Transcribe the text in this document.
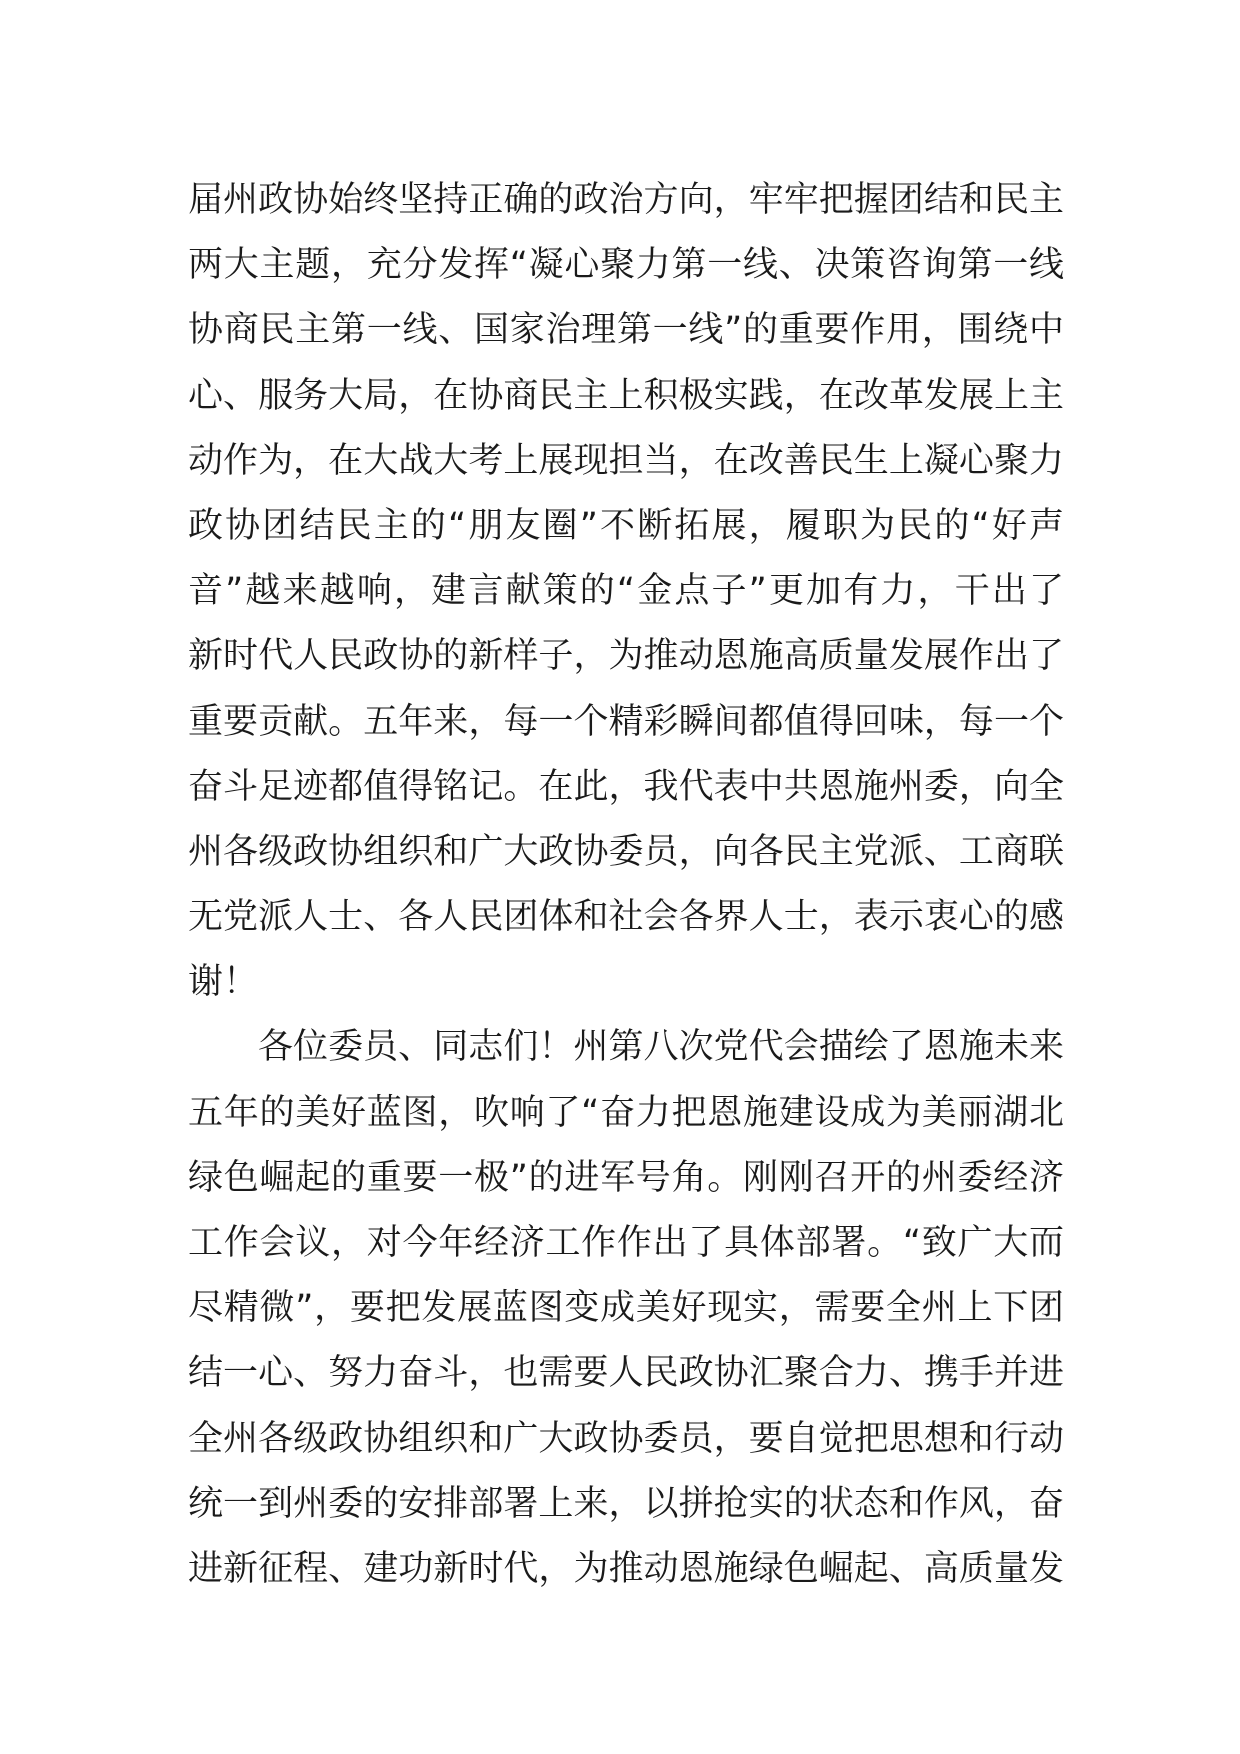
届州政协始终坚持正确的政治方向，牢牢把握团结和民主
两大主题，充分发挥“凝心聚力第一线、决策咨询第一线
协商民主第一线、国家治理第一线”的重要作用，围绕中
心、服务大局，在协商民主上积极实践，在改革发展上主
动作为，在大战大考上展现担当，在改善民生上凝心聚力
政协团结民主的“朋友圈”不断拓展，履职为民的“好声
音”越来越响，建言献策的“金点子”更加有力，干出了
新时代人民政协的新样子，为推动恩施高质量发展作出了
重要贡献。五年来，每一个精彩瞬间都值得回味，每一个
奋斗足迹都值得铭记。在此，我代表中共恩施州委，向全
州各级政协组织和广大政协委员，向各民主党派、工商联
无党派人士、各人民团体和社会各界人士，表示衷心的感
谢！
各位委员、同志们！州第八次党代会描绘了恩施未来
五年的美好蓝图，吹响了“奋力把恩施建设成为美丽湖北
绿色崛起的重要一极”的进军号角。刚刚召开的州委经济
工作会议，对今年经济工作作出了具体部署。“致广大而
尽精微”，要把发展蓝图变成美好现实，需要全州上下团
结一心、努力奋斗，也需要人民政协汇聚合力、携手并进
全州各级政协组织和广大政协委员，要自觉把思想和行动
统一到州委的安排部署上来，以拼抢实的状态和作风，奋
进新征程、建功新时代，为推动恩施绿色崛起、高质量发
